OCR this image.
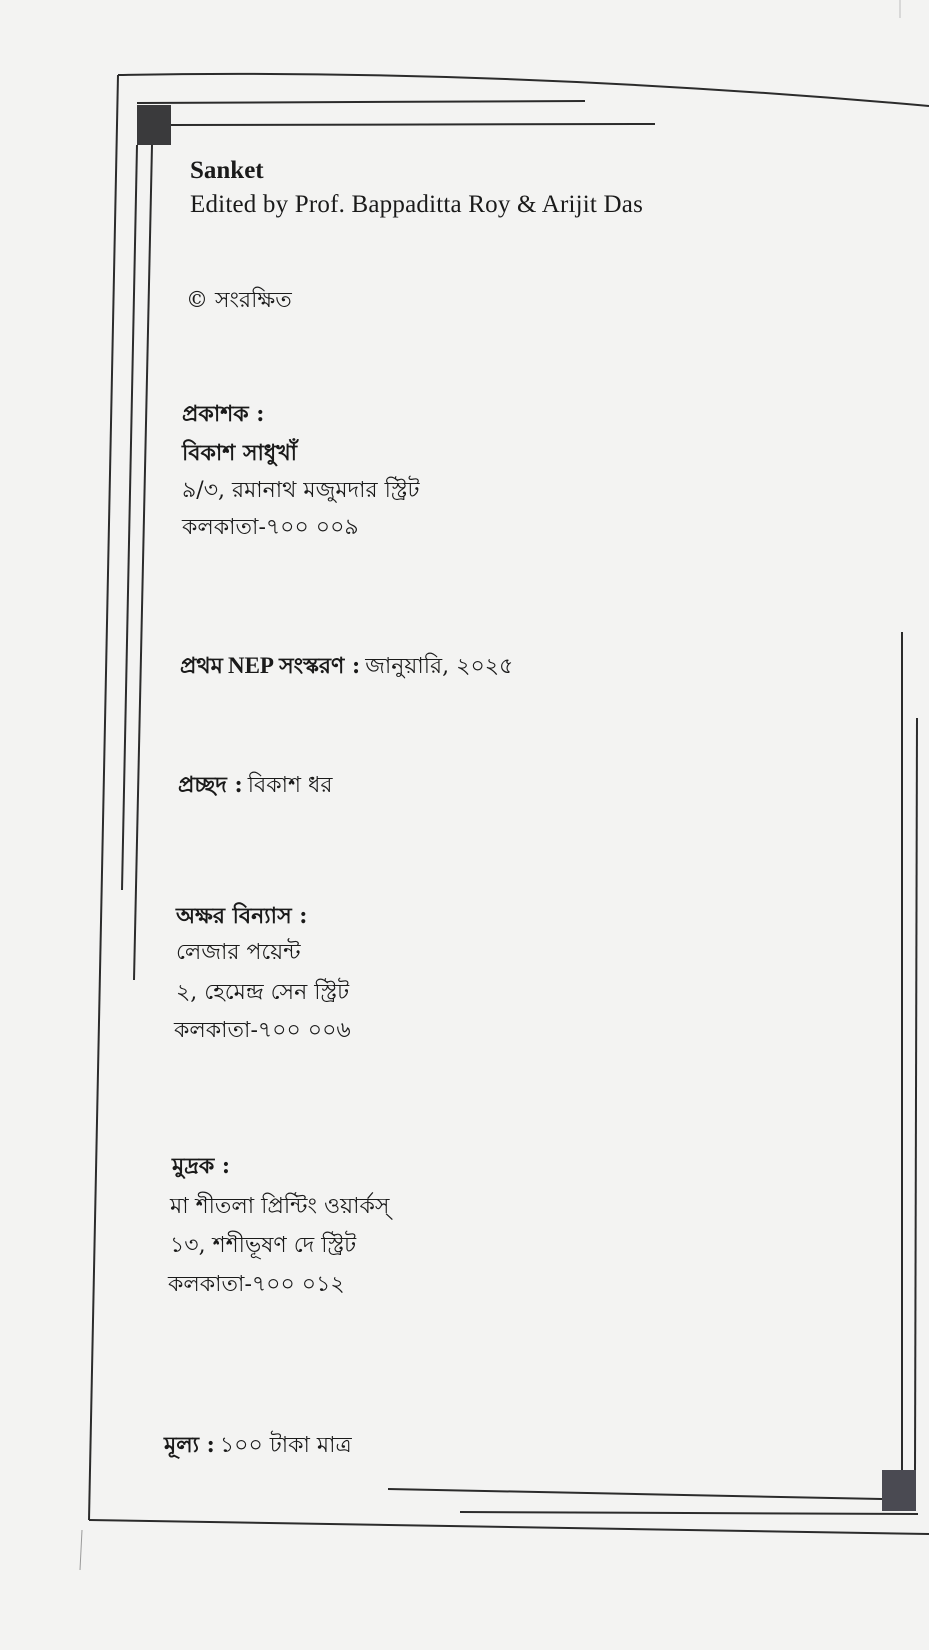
Sanket
Edited by Prof. Bappaditta Roy & Arijit Das
© সংরক্ষিত
প্রকাশক :
বিকাশ সাধুখাঁ
৯/৩, রমানাথ মজুমদার স্ট্রিট
কলকাতা-৭০০ ০০৯
প্রথম NEP সংস্করণ : জানুয়ারি, ২০২৫
প্রচ্ছদ : বিকাশ ধর
অক্ষর বিন্যাস :
লেজার পয়েন্ট
২, হেমেন্দ্র সেন স্ট্রিট
কলকাতা-৭০০ ০০৬
মুদ্রক :
মা শীতলা প্রিন্টিং ওয়ার্কস্
১৩, শশীভূষণ দে স্ট্রিট
কলকাতা-৭০০ ০১২
মূল্য : ১০০ টাকা মাত্র
